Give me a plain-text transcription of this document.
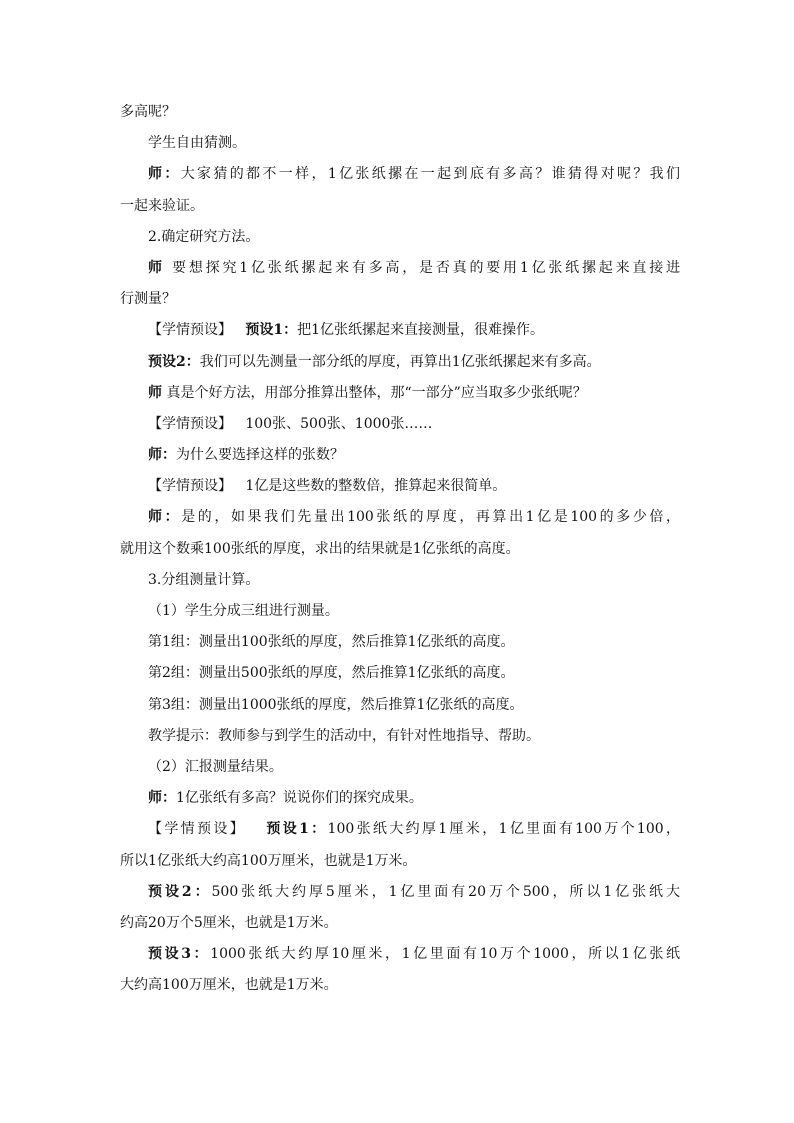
多高呢？
学生自由猜测。
师：大家猜的都不一样，1亿张纸摞在一起到底有多高？谁猜得对呢？我们
一起来验证。
2.确定研究方法。
师 要想探究1亿张纸摞起来有多高，是否真的要用1亿张纸摞起来直接进
行测量？
【学情预设】 预设1：把1亿张纸摞起来直接测量，很难操作。
预设2：我们可以先测量一部分纸的厚度，再算出1亿张纸摞起来有多高。
师 真是个好方法，用部分推算出整体，那“一部分”应当取多少张纸呢？
【学情预设】 100张、500张、1000张……
师：为什么要选择这样的张数？
【学情预设】 1亿是这些数的整数倍，推算起来很简单。
师：是的，如果我们先量出100张纸的厚度，再算出1亿是100的多少倍，
就用这个数乘100张纸的厚度，求出的结果就是1亿张纸的高度。
3.分组测量计算。
（1）学生分成三组进行测量。
第1组：测量出100张纸的厚度，然后推算1亿张纸的高度。
第2组：测量出500张纸的厚度，然后推算1亿张纸的高度。
第3组：测量出1000张纸的厚度，然后推算1亿张纸的高度。
教学提示：教师参与到学生的活动中，有针对性地指导、帮助。
（2）汇报测量结果。
师：1亿张纸有多高？说说你们的探究成果。
【学情预设】 预设1：100张纸大约厚1厘米，1亿里面有100万个100，
所以1亿张纸大约高100万厘米，也就是1万米。
预设2：500张纸大约厚5厘米，1亿里面有20万个500，所以1亿张纸大
约高20万个5厘米，也就是1万米。
预设3：1000张纸大约厚10厘米，1亿里面有10万个1000，所以1亿张纸
大约高100万厘米，也就是1万米。
